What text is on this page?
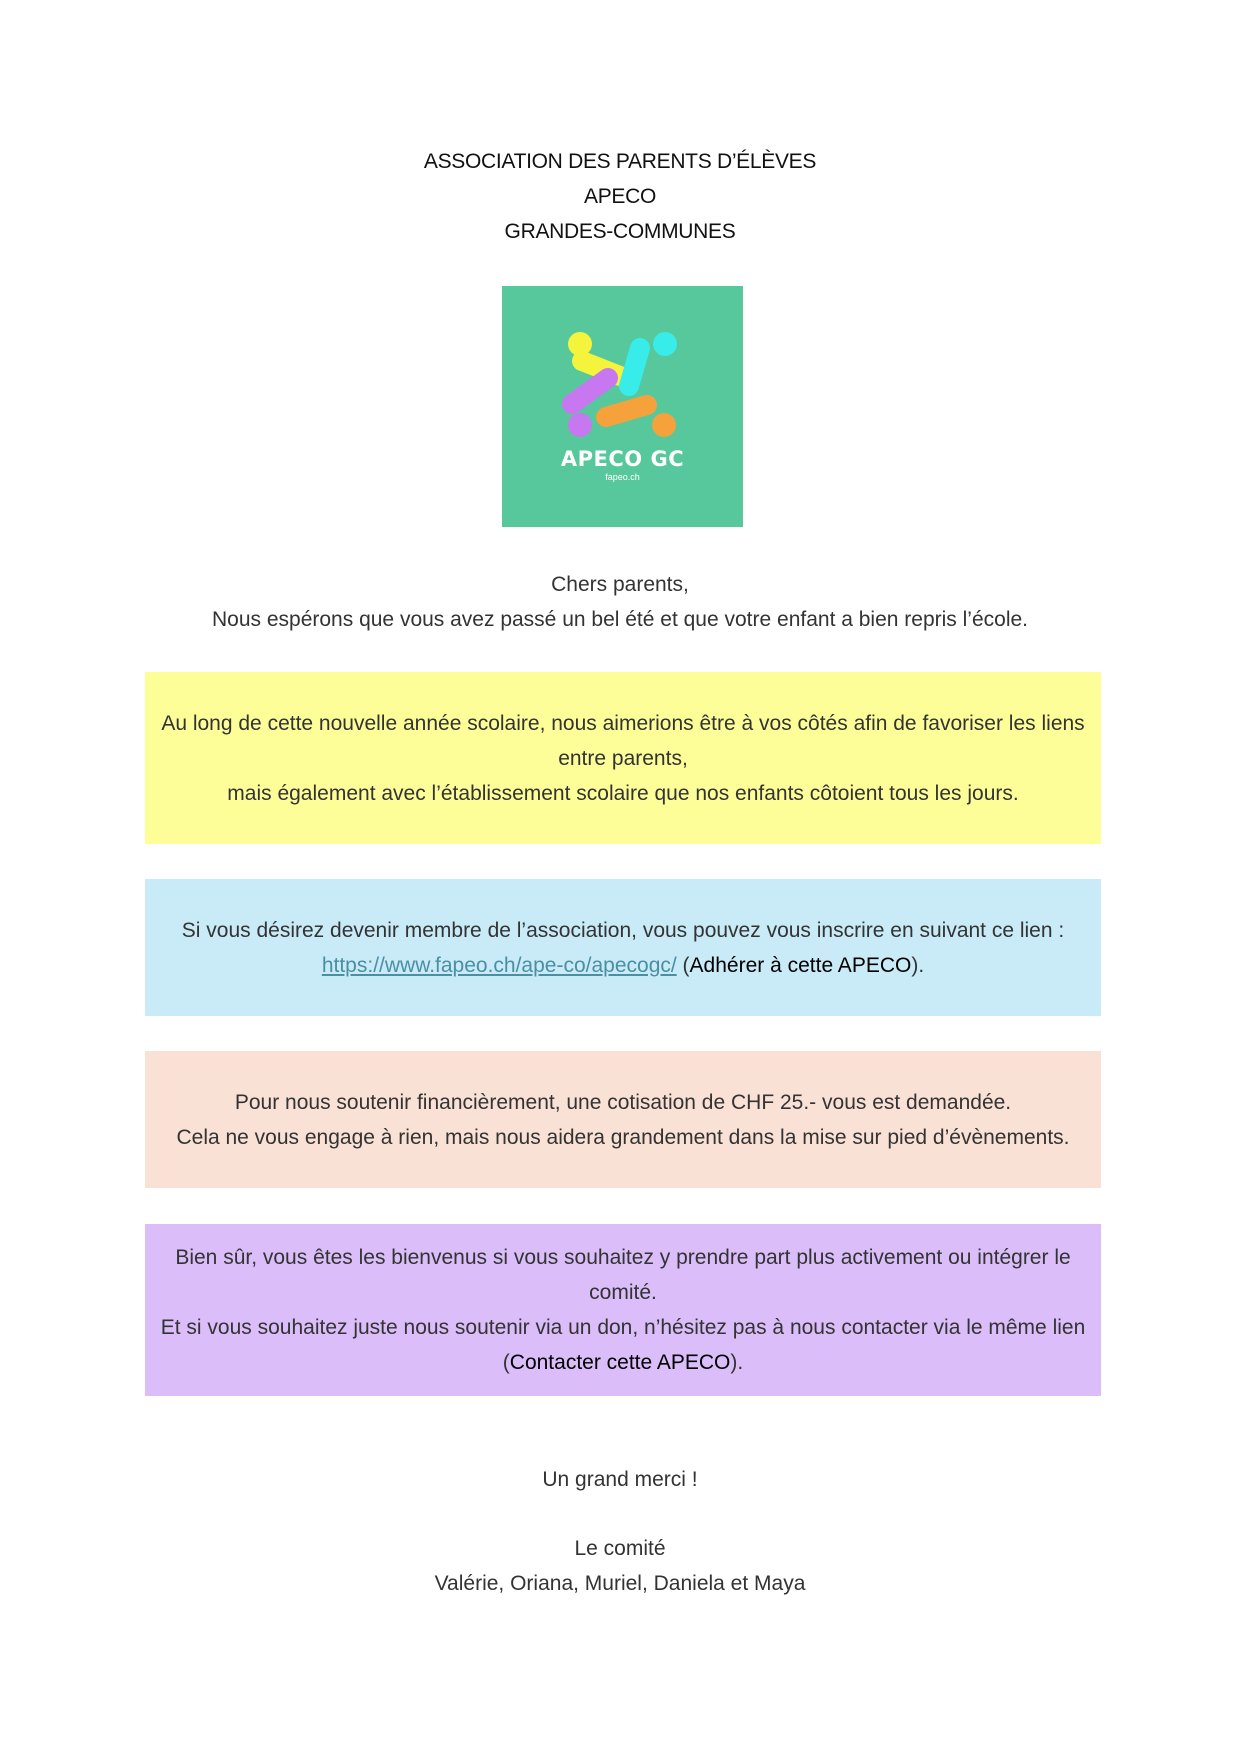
ASSOCIATION DES PARENTS D’ÉLÈVES
APECO
GRANDES-COMMUNES
APECO GC
fapeo.ch
Chers parents,
Nous espérons que vous avez passé un bel été et que votre enfant a bien repris l’école.
Au long de cette nouvelle année scolaire, nous aimerions être à vos côtés afin de favoriser les liens entre parents,
mais également avec l’établissement scolaire que nos enfants côtoient tous les jours.
Si vous désirez devenir membre de l’association, vous pouvez vous inscrire en suivant ce lien :
https://www.fapeo.ch/ape-co/apecogc/ (Adhérer à cette APECO).
Pour nous soutenir financièrement, une cotisation de CHF 25.- vous est demandée.
Cela ne vous engage à rien, mais nous aidera grandement dans la mise sur pied d’évènements.
Bien sûr, vous êtes les bienvenus si vous souhaitez y prendre part plus activement ou intégrer le comité.
Et si vous souhaitez juste nous soutenir via un don, n’hésitez pas à nous contacter via le même lien
(Contacter cette APECO).
Un grand merci !
Le comité
Valérie, Oriana, Muriel, Daniela et Maya
